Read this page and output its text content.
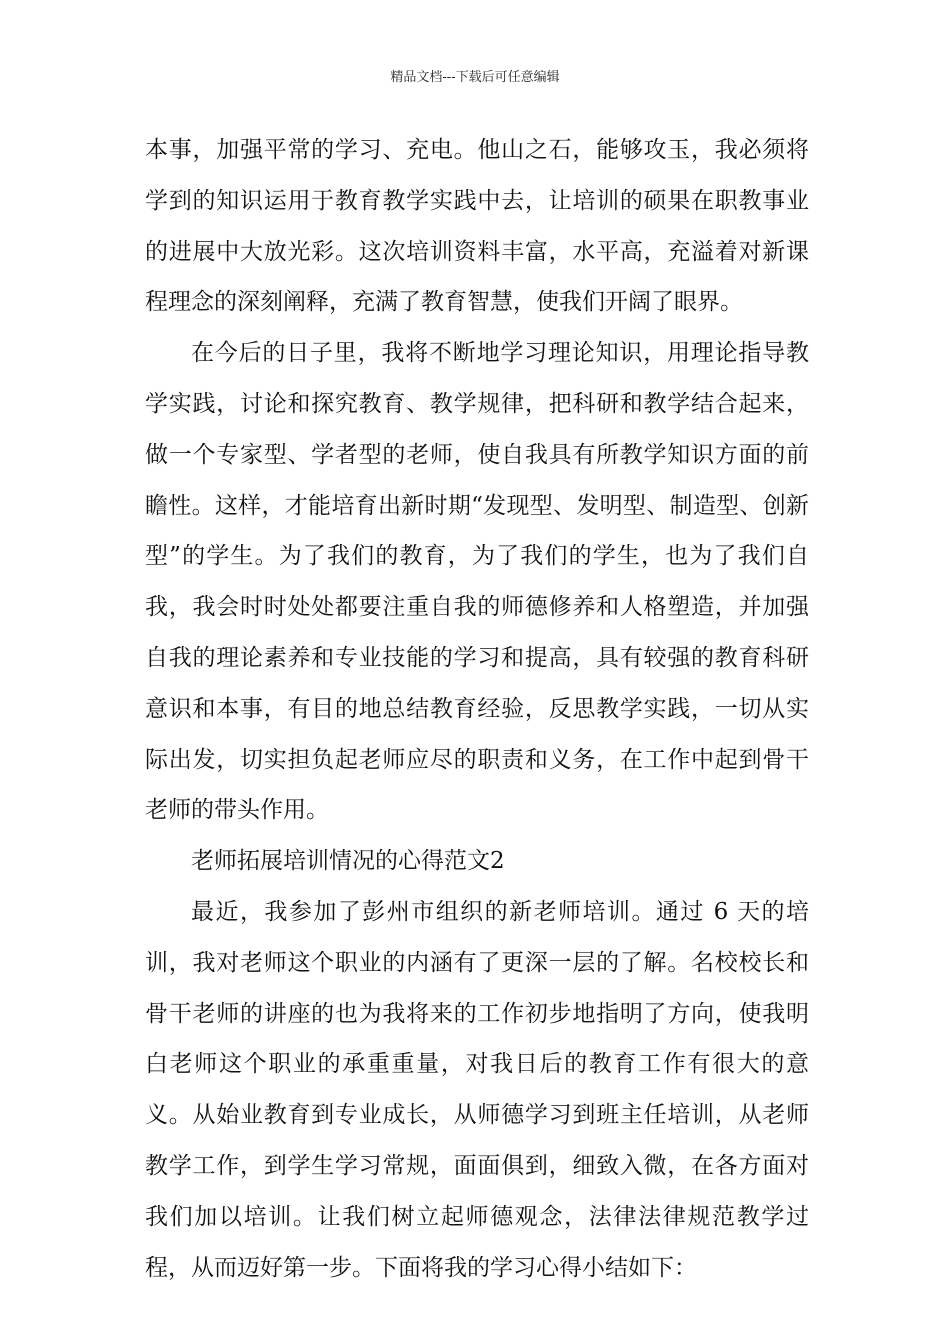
精品文档---下载后可任意编辑

本事，加强平常的学习、充电。他山之石，能够攻玉，我必须将学到的知识运用于教育教学实践中去，让培训的硕果在职教事业的进展中大放光彩。这次培训资料丰富，水平高，充溢着对新课程理念的深刻阐释，充满了教育智慧，使我们开阔了眼界。

在今后的日子里，我将不断地学习理论知识，用理论指导教学实践，讨论和探究教育、教学规律，把科研和教学结合起来，做一个专家型、学者型的老师，使自我具有所教学知识方面的前瞻性。这样，才能培育出新时期“发现型、发明型、制造型、创新型”的学生。为了我们的教育，为了我们的学生，也为了我们自我，我会时时处处都要注重自我的师德修养和人格塑造，并加强自我的理论素养和专业技能的学习和提高，具有较强的教育科研意识和本事，有目的地总结教育经验，反思教学实践，一切从实际出发，切实担负起老师应尽的职责和义务，在工作中起到骨干老师的带头作用。

老师拓展培训情况的心得范文2

最近，我参加了彭州市组织的新老师培训。通过 6 天的培训，我对老师这个职业的内涵有了更深一层的了解。名校校长和骨干老师的讲座的也为我将来的工作初步地指明了方向，使我明白老师这个职业的承重重量，对我日后的教育工作有很大的意义。从始业教育到专业成长，从师德学习到班主任培训，从老师教学工作，到学生学习常规，面面俱到，细致入微，在各方面对我们加以培训。让我们树立起师德观念，法律法律规范教学过程，从而迈好第一步。下面将我的学习心得小结如下：
